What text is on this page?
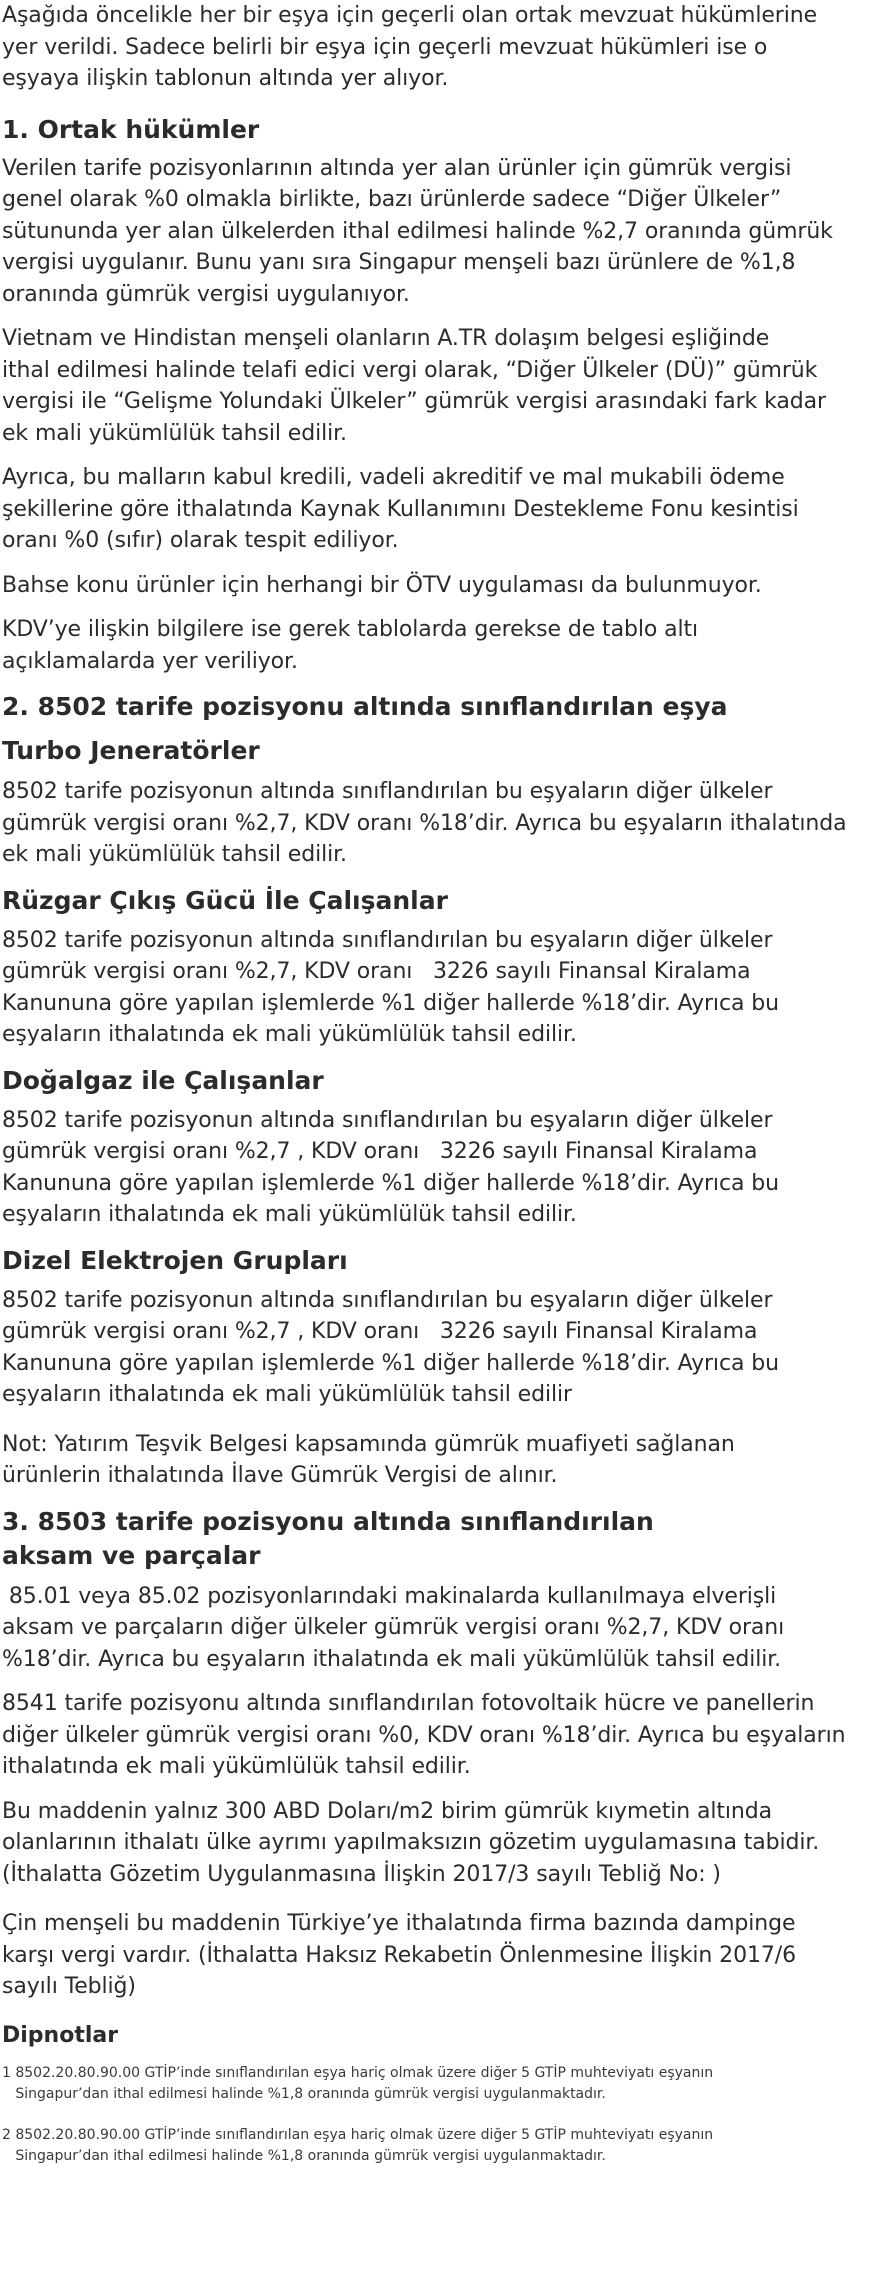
Aşağıda öncelikle her bir eşya için geçerli olan ortak mevzuat hükümlerine
yer verildi. Sadece belirli bir eşya için geçerli mevzuat hükümleri ise o
eşyaya ilişkin tablonun altında yer alıyor.

1. Ortak hükümler

Verilen tarife pozisyonlarının altında yer alan ürünler için gümrük vergisi
genel olarak %0 olmakla birlikte, bazı ürünlerde sadece “Diğer Ülkeler”
sütununda yer alan ülkelerden ithal edilmesi halinde %2,7 oranında gümrük
vergisi uygulanır. Bunu yanı sıra Singapur menşeli bazı ürünlere de %1,8
oranında gümrük vergisi uygulanıyor.

Vietnam ve Hindistan menşeli olanların A.TR dolaşım belgesi eşliğinde
ithal edilmesi halinde telafi edici vergi olarak, “Diğer Ülkeler (DÜ)” gümrük
vergisi ile “Gelişme Yolundaki Ülkeler” gümrük vergisi arasındaki fark kadar
ek mali yükümlülük tahsil edilir.

Ayrıca, bu malların kabul kredili, vadeli akreditif ve mal mukabili ödeme
şekillerine göre ithalatında Kaynak Kullanımını Destekleme Fonu kesintisi
oranı %0 (sıfır) olarak tespit ediliyor.

Bahse konu ürünler için herhangi bir ÖTV uygulaması da bulunmuyor.

KDV’ye ilişkin bilgilere ise gerek tablolarda gerekse de tablo altı
açıklamalarda yer veriliyor.

2. 8502 tarife pozisyonu altında sınıflandırılan eşya
Turbo Jeneratörler

8502 tarife pozisyonun altında sınıflandırılan bu eşyaların diğer ülkeler
gümrük vergisi oranı %2,7, KDV oranı %18’dir. Ayrıca bu eşyaların ithalatında
ek mali yükümlülük tahsil edilir.

Rüzgar Çıkış Gücü İle Çalışanlar

8502 tarife pozisyonun altında sınıflandırılan bu eşyaların diğer ülkeler
gümrük vergisi oranı %2,7, KDV oranı   3226 sayılı Finansal Kiralama
Kanununa göre yapılan işlemlerde %1 diğer hallerde %18’dir. Ayrıca bu
eşyaların ithalatında ek mali yükümlülük tahsil edilir.

Doğalgaz ile Çalışanlar

8502 tarife pozisyonun altında sınıflandırılan bu eşyaların diğer ülkeler
gümrük vergisi oranı %2,7 , KDV oranı   3226 sayılı Finansal Kiralama
Kanununa göre yapılan işlemlerde %1 diğer hallerde %18’dir. Ayrıca bu
eşyaların ithalatında ek mali yükümlülük tahsil edilir.

Dizel Elektrojen Grupları

8502 tarife pozisyonun altında sınıflandırılan bu eşyaların diğer ülkeler
gümrük vergisi oranı %2,7 , KDV oranı   3226 sayılı Finansal Kiralama
Kanununa göre yapılan işlemlerde %1 diğer hallerde %18’dir. Ayrıca bu
eşyaların ithalatında ek mali yükümlülük tahsil edilir

Not: Yatırım Teşvik Belgesi kapsamında gümrük muafiyeti sağlanan
ürünlerin ithalatında İlave Gümrük Vergisi de alınır.

3. 8503 tarife pozisyonu altında sınıflandırılan
aksam ve parçalar

85.01 veya 85.02 pozisyonlarındaki makinalarda kullanılmaya elverişli
aksam ve parçaların diğer ülkeler gümrük vergisi oranı %2,7, KDV oranı
%18’dir. Ayrıca bu eşyaların ithalatında ek mali yükümlülük tahsil edilir.

8541 tarife pozisyonu altında sınıflandırılan fotovoltaik hücre ve panellerin
diğer ülkeler gümrük vergisi oranı %0, KDV oranı %18’dir. Ayrıca bu eşyaların
ithalatında ek mali yükümlülük tahsil edilir.

Bu maddenin yalnız 300 ABD Doları/m2 birim gümrük kıymetin altında
olanlarının ithalatı ülke ayrımı yapılmaksızın gözetim uygulamasına tabidir.
(İthalatta Gözetim Uygulanmasına İlişkin 2017/3 sayılı Tebliğ No: )

Çin menşeli bu maddenin Türkiye’ye ithalatında firma bazında dampinge
karşı vergi vardır. (İthalatta Haksız Rekabetin Önlenmesine İlişkin 2017/6
sayılı Tebliğ)

Dipnotlar

1 8502.20.80.90.00 GTİP’inde sınıflandırılan eşya hariç olmak üzere diğer 5 GTİP muhteviyatı eşyanın
Singapur’dan ithal edilmesi halinde %1,8 oranında gümrük vergisi uygulanmaktadır.

2 8502.20.80.90.00 GTİP’inde sınıflandırılan eşya hariç olmak üzere diğer 5 GTİP muhteviyatı eşyanın
Singapur’dan ithal edilmesi halinde %1,8 oranında gümrük vergisi uygulanmaktadır.
